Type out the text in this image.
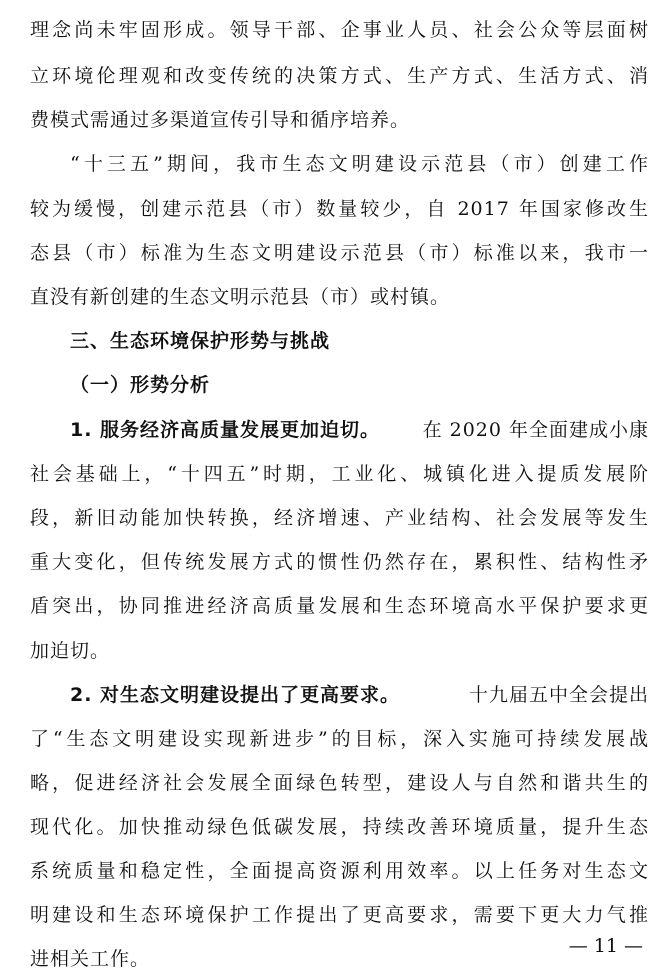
理念尚未牢固形成。领导干部、企事业人员、社会公众等层面树
立环境伦理观和改变传统的决策方式、生产方式、生活方式、消
费模式需通过多渠道宣传引导和循序培养。
“十三五”期间，我市生态文明建设示范县（市）创建工作
较为缓慢，创建示范县（市）数量较少，自 2017 年国家修改生
态县（市）标准为生态文明建设示范县（市）标准以来，我市一
直没有新创建的生态文明示范县（市）或村镇。
三、生态环境保护形势与挑战
（一）形势分析
1. 服务经济高质量发展更加迫切。 在 2020 年全面建成小康
社会基础上，“十四五”时期，工业化、城镇化进入提质发展阶
段，新旧动能加快转换，经济增速、产业结构、社会发展等发生
重大变化，但传统发展方式的惯性仍然存在，累积性、结构性矛
盾突出，协同推进经济高质量发展和生态环境高水平保护要求更
加迫切。
2. 对生态文明建设提出了更高要求。	十九届五中全会提出
了“生态文明建设实现新进步”的目标，深入实施可持续发展战
略，促进经济社会发展全面绿色转型，建设人与自然和谐共生的
现代化。加快推动绿色低碳发展，持续改善环境质量，提升生态
系统质量和稳定性，全面提高资源利用效率。以上任务对生态文
明建设和生态环境保护工作提出了更高要求，需要下更大力气推
进相关工作。
— 11 —
